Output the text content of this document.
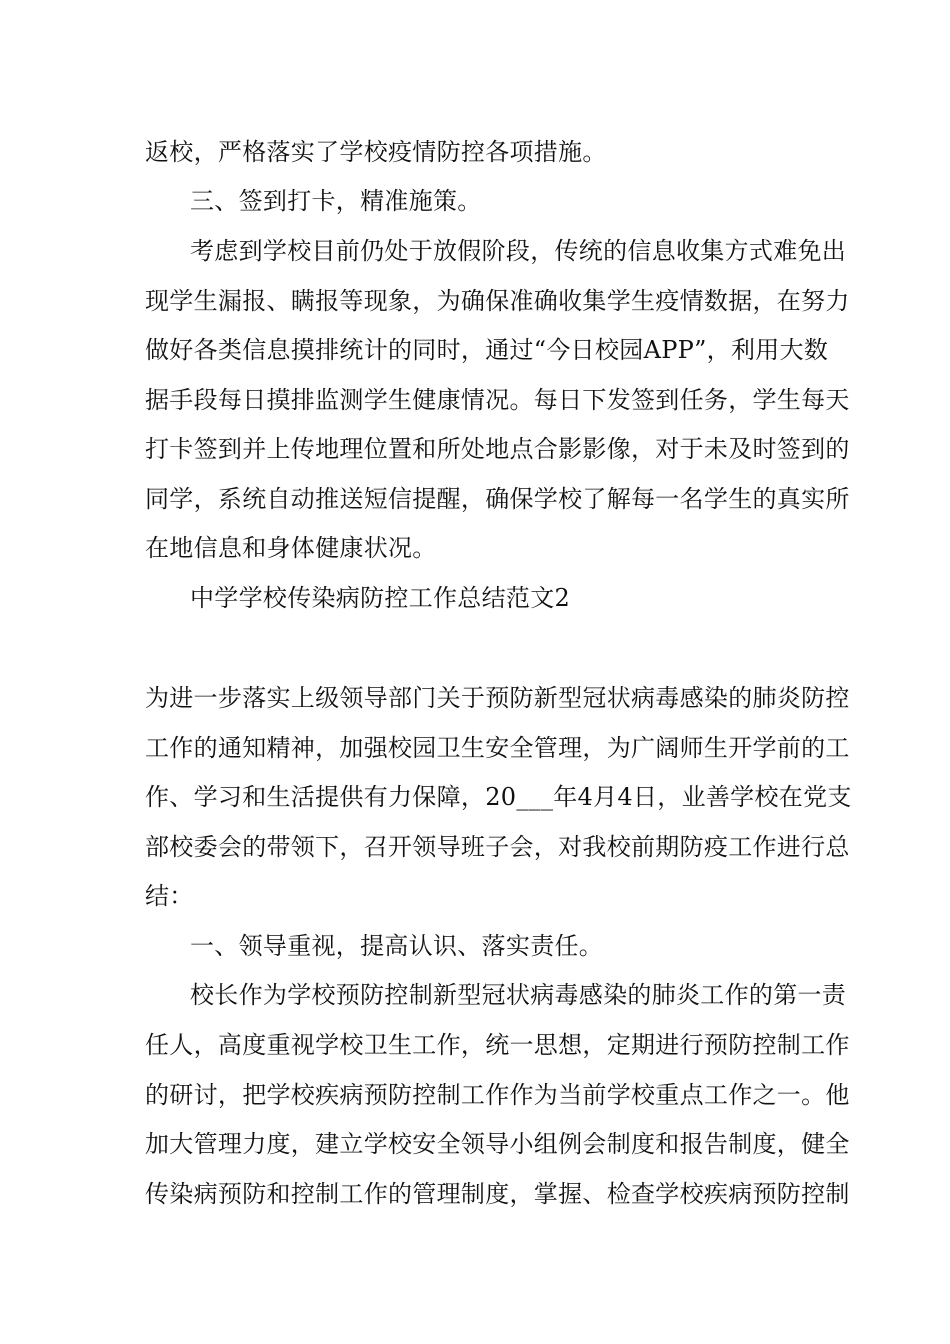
返校，严格落实了学校疫情防控各项措施。
三、签到打卡，精准施策。
考虑到学校目前仍处于放假阶段，传统的信息收集方式难免出
现学生漏报、瞒报等现象，为确保准确收集学生疫情数据，在努力
做好各类信息摸排统计的同时，通过“今日校园APP”，利用大数
据手段每日摸排监测学生健康情况。每日下发签到任务，学生每天
打卡签到并上传地理位置和所处地点合影影像，对于未及时签到的
同学，系统自动推送短信提醒，确保学校了解每一名学生的真实所
在地信息和身体健康状况。
中学学校传染病防控工作总结范文2
为进一步落实上级领导部门关于预防新型冠状病毒感染的肺炎防控
工作的通知精神，加强校园卫生安全管理，为广阔师生开学前的工
作、学习和生活提供有力保障，20___年4月4日，业善学校在党支
部校委会的带领下，召开领导班子会，对我校前期防疫工作进行总
结：
一、领导重视，提高认识、落实责任。
校长作为学校预防控制新型冠状病毒感染的肺炎工作的第一责
任人，高度重视学校卫生工作，统一思想，定期进行预防控制工作
的研讨，把学校疾病预防控制工作作为当前学校重点工作之一。他
加大管理力度，建立学校安全领导小组例会制度和报告制度，健全
传染病预防和控制工作的管理制度，掌握、检查学校疾病预防控制
